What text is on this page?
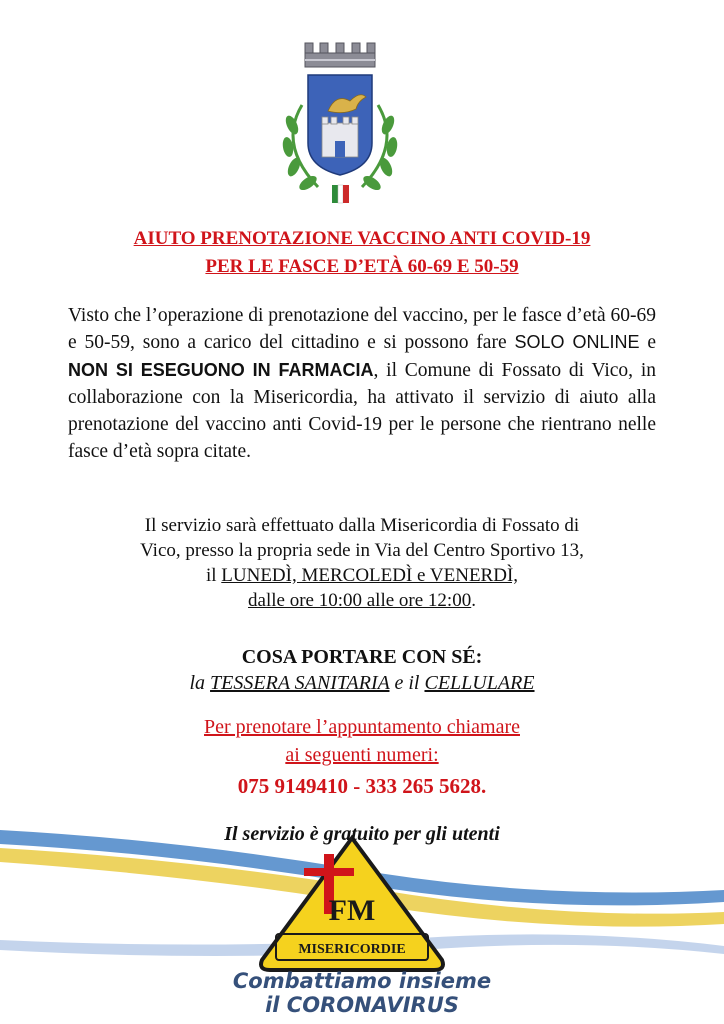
AIUTO PRENOTAZIONE VACCINO ANTI COVID-19
PER LE FASCE D’ETÀ 60-69 E 50-59
Visto che l’operazione di prenotazione del vaccino, per le fasce d’età 60-69 e 50-59, sono a carico del cittadino e si possono fare SOLO ONLINE e NON SI ESEGUONO IN FARMACIA, il Comune di Fossato di Vico, in collaborazione con la Misericordia, ha attivato il servizio di aiuto alla prenotazione del vaccino anti Covid-19 per le persone che rientrano nelle fasce d’età sopra citate.
Il servizio sarà effettuato dalla Misericordia di Fossato di
Vico, presso la propria sede in Via del Centro Sportivo 13,
il LUNEDÌ, MERCOLEDÌ e VENERDÌ,
dalle ore 10:00 alle ore 12:00.
COSA PORTARE CON SÉ:
la TESSERA SANITARIA e il CELLULARE
Per prenotare l’appuntamento chiamare
ai seguenti numeri:
075 9149410 - 333 265 5628.
MISERICORDIE
FM
Il servizio è gratuito per gli utenti
Combattiamo insieme
il CORONAVIRUS
